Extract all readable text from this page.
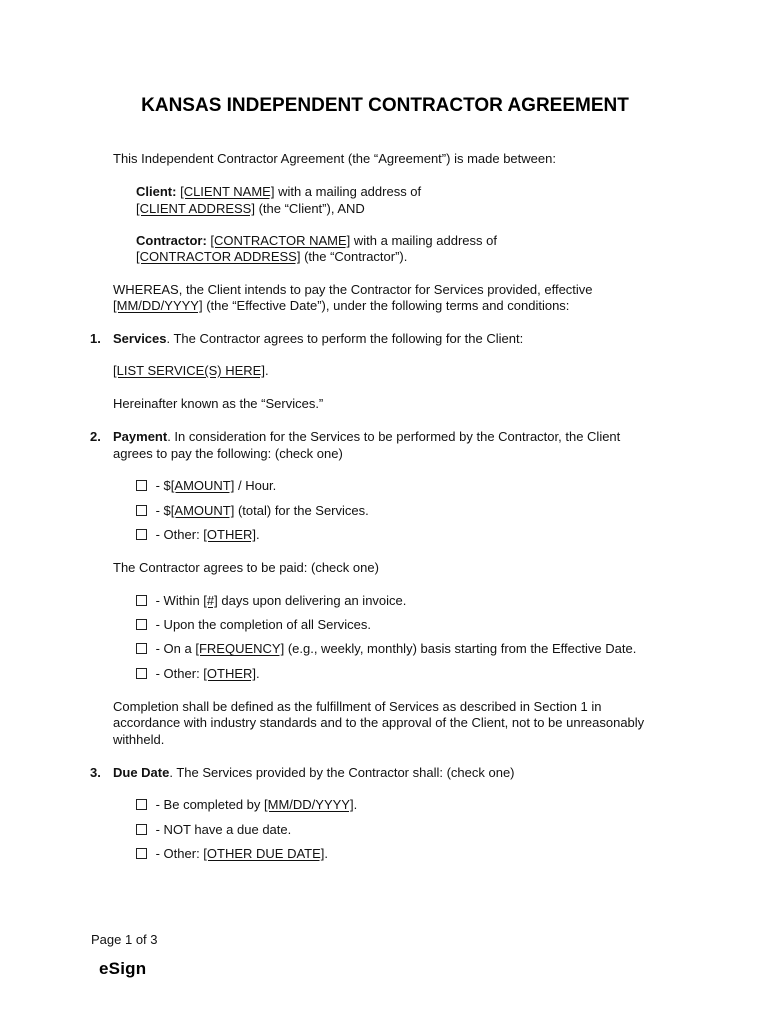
KANSAS INDEPENDENT CONTRACTOR AGREEMENT
This Independent Contractor Agreement (the “Agreement”) is made between:
Client: [CLIENT NAME] with a mailing address of
[CLIENT ADDRESS] (the “Client”), AND
Contractor: [CONTRACTOR NAME] with a mailing address of
[CONTRACTOR ADDRESS] (the “Contractor”).
WHEREAS, the Client intends to pay the Contractor for Services provided, effective
[MM/DD/YYYY] (the “Effective Date”), under the following terms and conditions:
1. Services. The Contractor agrees to perform the following for the Client:
[LIST SERVICE(S) HERE].
Hereinafter known as the “Services.”
2. Payment. In consideration for the Services to be performed by the Contractor, the Client
agrees to pay the following: (check one)
- $[AMOUNT] / Hour.
- $[AMOUNT] (total) for the Services.
- Other: [OTHER].
The Contractor agrees to be paid: (check one)
- Within [#] days upon delivering an invoice.
- Upon the completion of all Services.
- On a [FREQUENCY] (e.g., weekly, monthly) basis starting from the Effective Date.
- Other: [OTHER].
Completion shall be defined as the fulfillment of Services as described in Section 1 in
accordance with industry standards and to the approval of the Client, not to be unreasonably
withheld.
3. Due Date. The Services provided by the Contractor shall: (check one)
- Be completed by [MM/DD/YYYY].
- NOT have a due date.
- Other: [OTHER DUE DATE].
Page 1 of 3
eSign
